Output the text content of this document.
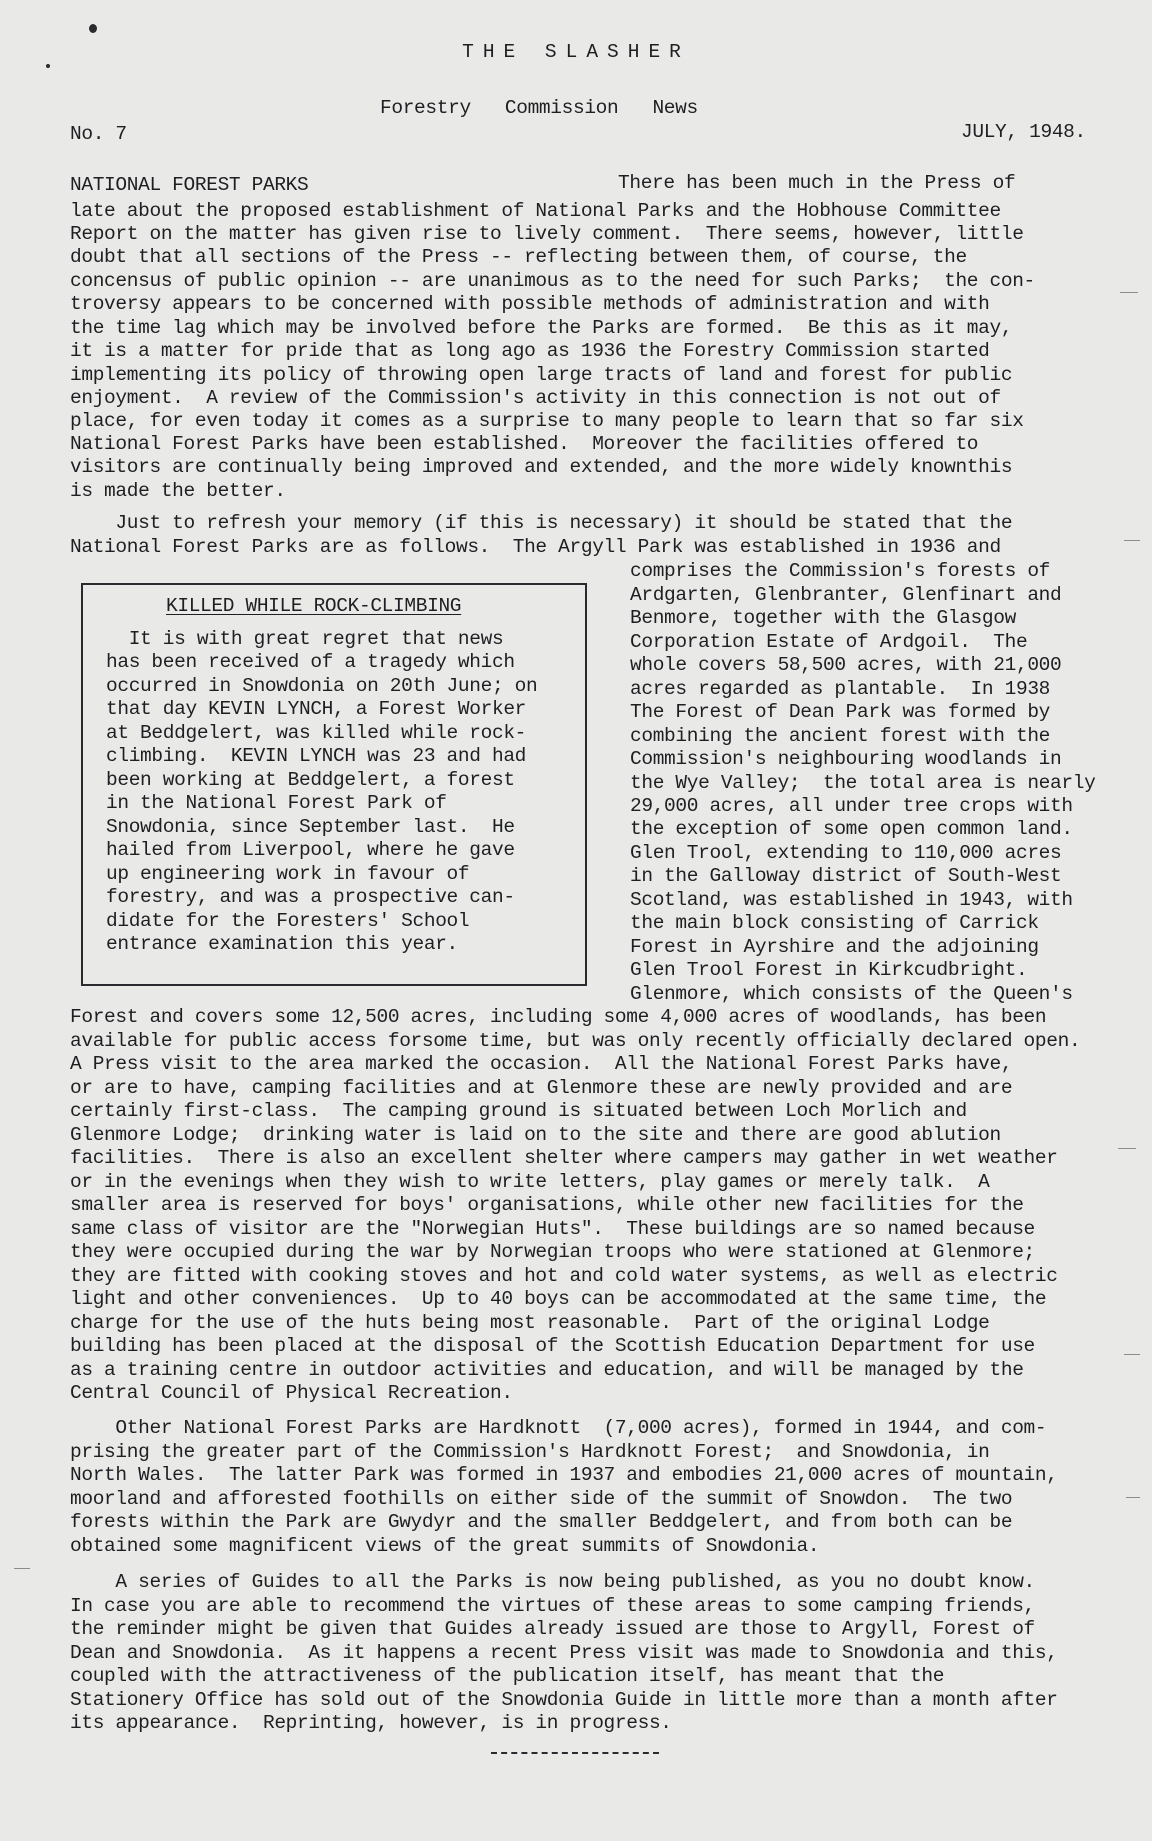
THE SLASHER
Forestry   Commission   News
No. 7	JULY, 1948.
NATIONAL FOREST PARKS	There has been much in the Press of
late about the proposed establishment of National Parks and the Hobhouse Committee
Report on the matter has given rise to lively comment.  There seems, however, little
doubt that all sections of the Press -- reflecting between them, of course, the
concensus of public opinion -- are unanimous as to the need for such Parks;  the con-
troversy appears to be concerned with possible methods of administration and with
the time lag which may be involved before the Parks are formed.  Be this as it may,
it is a matter for pride that as long ago as 1936 the Forestry Commission started
implementing its policy of throwing open large tracts of land and forest for public
enjoyment.  A review of the Commission's activity in this connection is not out of
place, for even today it comes as a surprise to many people to learn that so far six
National Forest Parks have been established.  Moreover the facilities offered to
visitors are continually being improved and extended, and the more widely knownthis
is made the better.
Just to refresh your memory (if this is necessary) it should be stated that the
National Forest Parks are as follows.  The Argyll Park was established in 1936 and
comprises the Commission's forests of
Ardgarten, Glenbranter, Glenfinart and
Benmore, together with the Glasgow
Corporation Estate of Ardgoil.  The
whole covers 58,500 acres, with 21,000
acres regarded as plantable.  In 1938
The Forest of Dean Park was formed by
combining the ancient forest with the
Commission's neighbouring woodlands in
the Wye Valley;  the total area is nearly
29,000 acres, all under tree crops with
the exception of some open common land.
Glen Trool, extending to 110,000 acres
in the Galloway district of South-West
Scotland, was established in 1943, with
the main block consisting of Carrick
Forest in Ayrshire and the adjoining
Glen Trool Forest in Kirkcudbright.
Glenmore, which consists of the Queen's
Forest and covers some 12,500 acres, including some 4,000 acres of woodlands, has been
available for public access forsome time, but was only recently officially declared open.
A Press visit to the area marked the occasion.  All the National Forest Parks have,
or are to have, camping facilities and at Glenmore these are newly provided and are
certainly first-class.  The camping ground is situated between Loch Morlich and
Glenmore Lodge;  drinking water is laid on to the site and there are good ablution
facilities.  There is also an excellent shelter where campers may gather in wet weather
or in the evenings when they wish to write letters, play games or merely talk.  A
smaller area is reserved for boys' organisations, while other new facilities for the
same class of visitor are the "Norwegian Huts".  These buildings are so named because
they were occupied during the war by Norwegian troops who were stationed at Glenmore;
they are fitted with cooking stoves and hot and cold water systems, as well as electric
light and other conveniences.  Up to 40 boys can be accommodated at the same time, the
charge for the use of the huts being most reasonable.  Part of the original Lodge
building has been placed at the disposal of the Scottish Education Department for use
as a training centre in outdoor activities and education, and will be managed by the
Central Council of Physical Recreation.
KILLED WHILE ROCK-CLIMBING
It is with great regret that news
has been received of a tragedy which
occurred in Snowdonia on 20th June; on
that day KEVIN LYNCH, a Forest Worker
at Beddgelert, was killed while rock-
climbing.  KEVIN LYNCH was 23 and had
been working at Beddgelert, a forest
in the National Forest Park of
Snowdonia, since September last.  He
hailed from Liverpool, where he gave
up engineering work in favour of
forestry, and was a prospective can-
didate for the Foresters' School
entrance examination this year.
Other National Forest Parks are Hardknott  (7,000 acres), formed in 1944, and com-
prising the greater part of the Commission's Hardknott Forest;  and Snowdonia, in
North Wales.  The latter Park was formed in 1937 and embodies 21,000 acres of mountain,
moorland and afforested foothills on either side of the summit of Snowdon.  The two
forests within the Park are Gwydyr and the smaller Beddgelert, and from both can be
obtained some magnificent views of the great summits of Snowdonia.
A series of Guides to all the Parks is now being published, as you no doubt know.
In case you are able to recommend the virtues of these areas to some camping friends,
the reminder might be given that Guides already issued are those to Argyll, Forest of
Dean and Snowdonia.  As it happens a recent Press visit was made to Snowdonia and this,
coupled with the attractiveness of the publication itself, has meant that the
Stationery Office has sold out of the Snowdonia Guide in little more than a month after
its appearance.  Reprinting, however, is in progress.
